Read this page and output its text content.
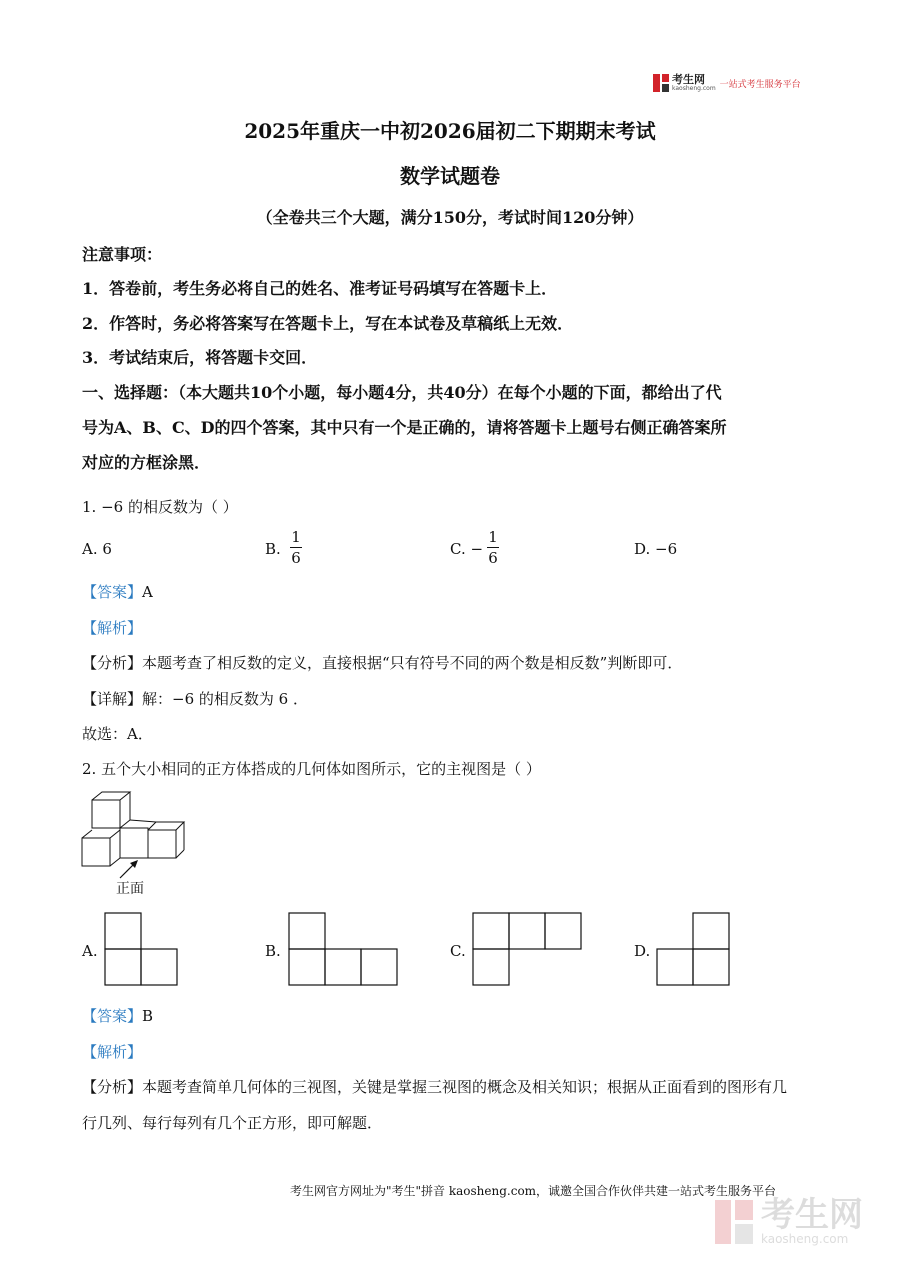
考生网
kaosheng.com 一站式考生服务平台
2025年重庆一中初2026届初二下期期末考试
数学试题卷
（全卷共三个大题，满分150分，考试时间120分钟）
注意事项：
1．答卷前，考生务必将自己的姓名、准考证号码填写在答题卡上．
2．作答时，务必将答案写在答题卡上，写在本试卷及草稿纸上无效．
3．考试结束后，将答题卡交回．
一、选择题：（本大题共10个小题，每小题4分，共40分）在每个小题的下面，都给出了代
号为A、B、C、D的四个答案，其中只有一个是正确的，请将答题卡上题号右侧正确答案所
对应的方框涂黑．
1. −6 的相反数为（ ）
A. 6	B.
1
6	C. −
1
6	D. −6
【答案】A
【解析】
【分析】本题考查了相反数的定义，直接根据“只有符号不同的两个数是相反数”判断即可．
【详解】解：−6 的相反数为 6 ．
故选：A．
2. 五个大小相同的正方体搭成的几何体如图所示，它的主视图是（ ）
正面
A.	B.	C.	D.
【答案】B
【解析】
【分析】本题考查简单几何体的三视图，关键是掌握三视图的概念及相关知识；根据从正面看到的图形有几
行几列、每行每列有几个正方形，即可解题．
考生网官方网址为"考生"拼音 kaosheng.com，诚邀全国合作伙伴共建一站式考生服务平台
考生网
kaosheng.com
